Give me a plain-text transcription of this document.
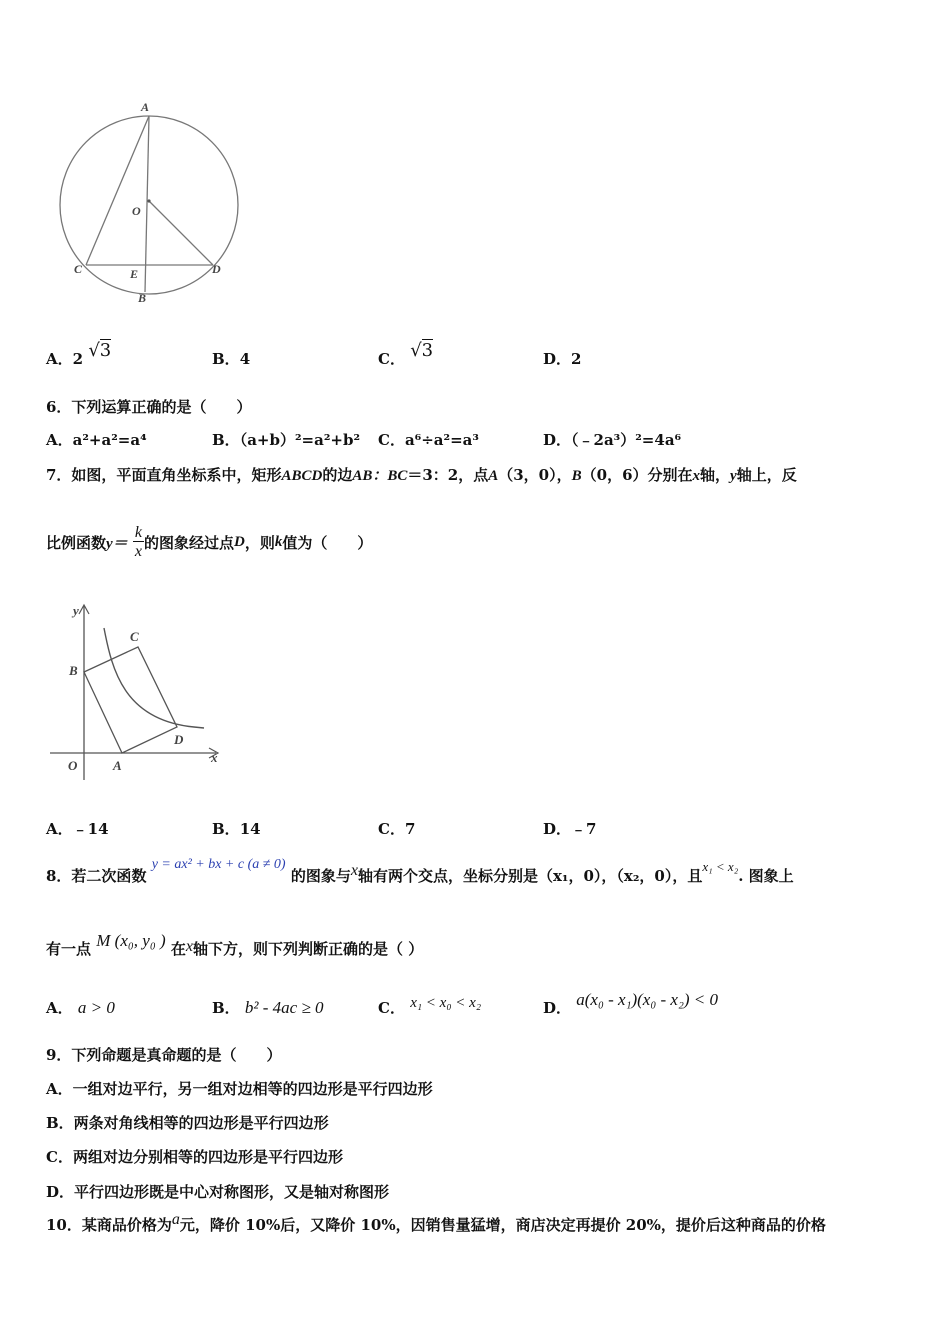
A
O
C	E	D
B
A．2 √3	B．4	C． √3	D．2
6．下列运算正确的是（　　）
A．a²+a²=a⁴	B．（a+b）²=a²+b² C．a⁶÷a²=a³	D．（﹣2a³）²=4a⁶
7．如图，平面直角坐标系中，矩形ABCD的边AB：BC＝3：2，点A（3，0），B（0，6）分别在x轴，y轴上，反
比例函数$y= \frac{k}{x}$ 的图象经过点D，则k值为（　　）
y
C
B
D
O	A
x
A．﹣14	B．14	C．7	D．﹣7
8．若二次函数 y = ax² + bx + c (a ≠ 0) 的图象与x轴有两个交点，坐标分别是（x₁，0），（x₂，0），且x₁ < x₂. 图象上
有一点 M (x₀, y₀ ) 在x轴下方，则下列判断正确的是（ ）
A． a > 0	B． b² - 4ac ≥ 0	C． x₁ < x₀ < x₂	D． a(x₀ - x₁)(x₀ - x₂) < 0
9．下列命题是真命题的是（　　）
A．一组对边平行，另一组对边相等的四边形是平行四边形
B．两条对角线相等的四边形是平行四边形
C．两组对边分别相等的四边形是平行四边形
D．平行四边形既是中心对称图形，又是轴对称图形
10．某商品价格为a元，降价 10%后，又降价 10%，因销售量猛增，商店决定再提价 20%，提价后这种商品的价格
